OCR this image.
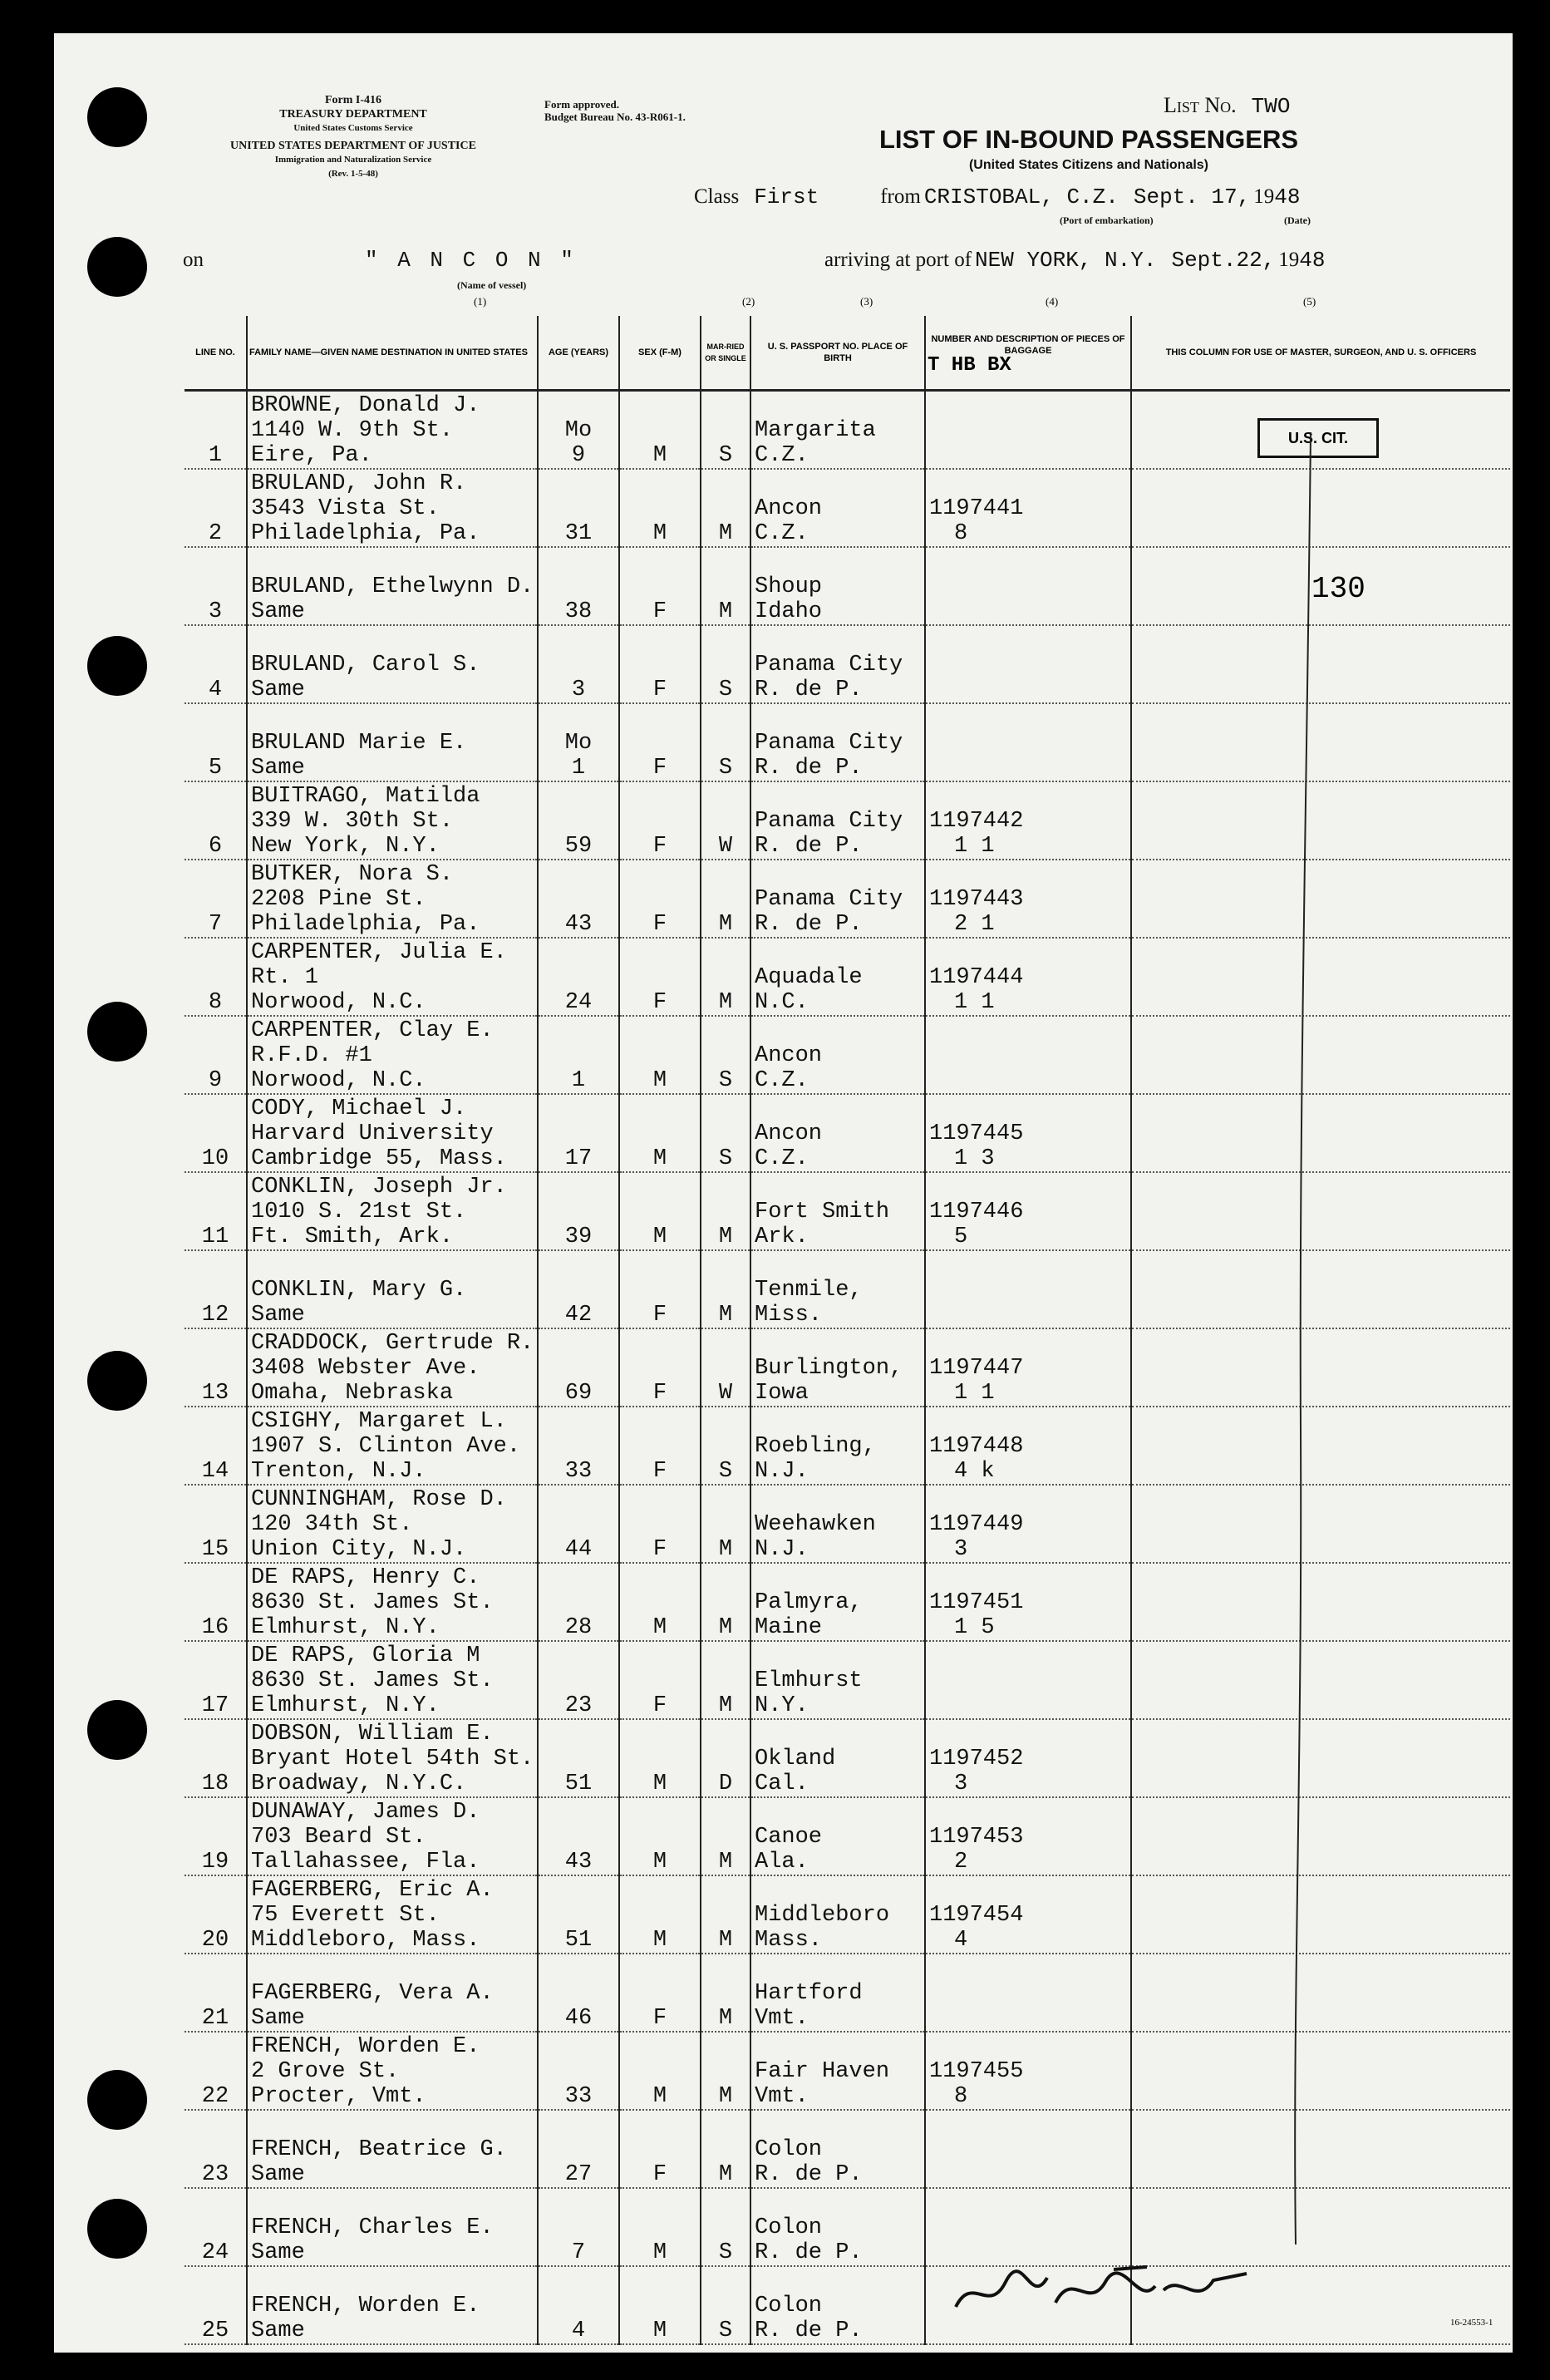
Form I-416
TREASURY DEPARTMENT
United States Customs Service
UNITED STATES DEPARTMENT OF JUSTICE
Immigration and Naturalization Service
(Rev. 1-5-48)
Form approved.
Budget Bureau No. 43-R061-1.	List No. TWO
LIST OF IN-BOUND PASSENGERS
(United States Citizens and Nationals)
Class First	from CRISTOBAL, C.Z. Sept. 17, 1948
(Port of embarkation)	(Date)
on	" A N C O N "	arriving at port of NEW YORK, N.Y. Sept.22, 1948
(Name of vessel)
(1)	(2)	(3)	(4)	(5)
LINE NO.	FAMILY NAME—GIVEN NAME DESTINATION IN UNITED STATES	AGE (YEARS)	SEX (F-M)	MAR-RIED OR SINGLE	U. S. PASSPORT NO. PLACE OF BIRTH	NUMBER AND DESCRIPTION OF PIECES OF BAGGAGE
T HB BX	THIS COLUMN FOR USE OF MASTER, SURGEON, AND U. S. OFFICERS
1	BROWNE, Donald J.
1140 W. 9th St.
Eire, Pa.	Mo
9	M	S	Margarita
C.Z.		

2	BRULAND, John R.
3543 Vista St.
Philadelphia, Pa.	31	M	M	Ancon
C.Z.	1197441
8	

3	BRULAND, Ethelwynn D.
Same	38	F	M	Shoup
Idaho		

4	BRULAND, Carol S.
Same	3	F	S	Panama City
R. de P.		

5	BRULAND Marie E.
Same	Mo
1	F	S	Panama City
R. de P.		

6	BUITRAGO, Matilda
339 W. 30th St.
New York, N.Y.	59	F	W	Panama City
R. de P.	1197442
1 1	

7	BUTKER, Nora S.
2208 Pine St.
Philadelphia, Pa.	43	F	M	Panama City
R. de P.	1197443
2 1	

8	CARPENTER, Julia E.
Rt. 1
Norwood, N.C.	24	F	M	Aquadale
N.C.	1197444
1 1	

9	CARPENTER, Clay E.
R.F.D. #1
Norwood, N.C.	1	M	S	Ancon
C.Z.		

10	CODY, Michael J.
Harvard University
Cambridge 55, Mass.	17	M	S	Ancon
C.Z.	1197445
1 3	

11	CONKLIN, Joseph Jr.
1010 S. 21st St.
Ft. Smith, Ark.	39	M	M	Fort Smith
Ark.	1197446
5	

12	CONKLIN, Mary G.
Same	42	F	M	Tenmile,
Miss.		

13	CRADDOCK, Gertrude R.
3408 Webster Ave.
Omaha, Nebraska	69	F	W	Burlington,
Iowa	1197447
1 1	

14	CSIGHY, Margaret L.
1907 S. Clinton Ave.
Trenton, N.J.	33	F	S	Roebling,
N.J.	1197448
4 k	

15	CUNNINGHAM, Rose D.
120 34th St.
Union City, N.J.	44	F	M	Weehawken
N.J.	1197449
3	

16	DE RAPS, Henry C.
8630 St. James St.
Elmhurst, N.Y.	28	M	M	Palmyra,
Maine	1197451
1 5	

17	DE RAPS, Gloria M
8630 St. James St.
Elmhurst, N.Y.	23	F	M	Elmhurst
N.Y.		

18	DOBSON, William E.
Bryant Hotel 54th St.
Broadway, N.Y.C.	51	M	D	Okland
Cal.	1197452
3	

19	DUNAWAY, James D.
703 Beard St.
Tallahassee, Fla.	43	M	M	Canoe
Ala.	1197453
2	

20	FAGERBERG, Eric A.
75 Everett St.
Middleboro, Mass.	51	M	M	Middleboro
Mass.	1197454
4	

21	FAGERBERG, Vera A.
Same	46	F	M	Hartford
Vmt.		

22	FRENCH, Worden E.
2 Grove St.
Procter, Vmt.	33	M	M	Fair Haven
Vmt.	1197455
8	

23	FRENCH, Beatrice G.
Same	27	F	M	Colon
R. de P.		

24	FRENCH, Charles E.
Same	7	M	S	Colon
R. de P.		

25	FRENCH, Worden E.
Same	4	M	S	Colon
R. de P.		

U.S. CIT.
130
16-24553-1
